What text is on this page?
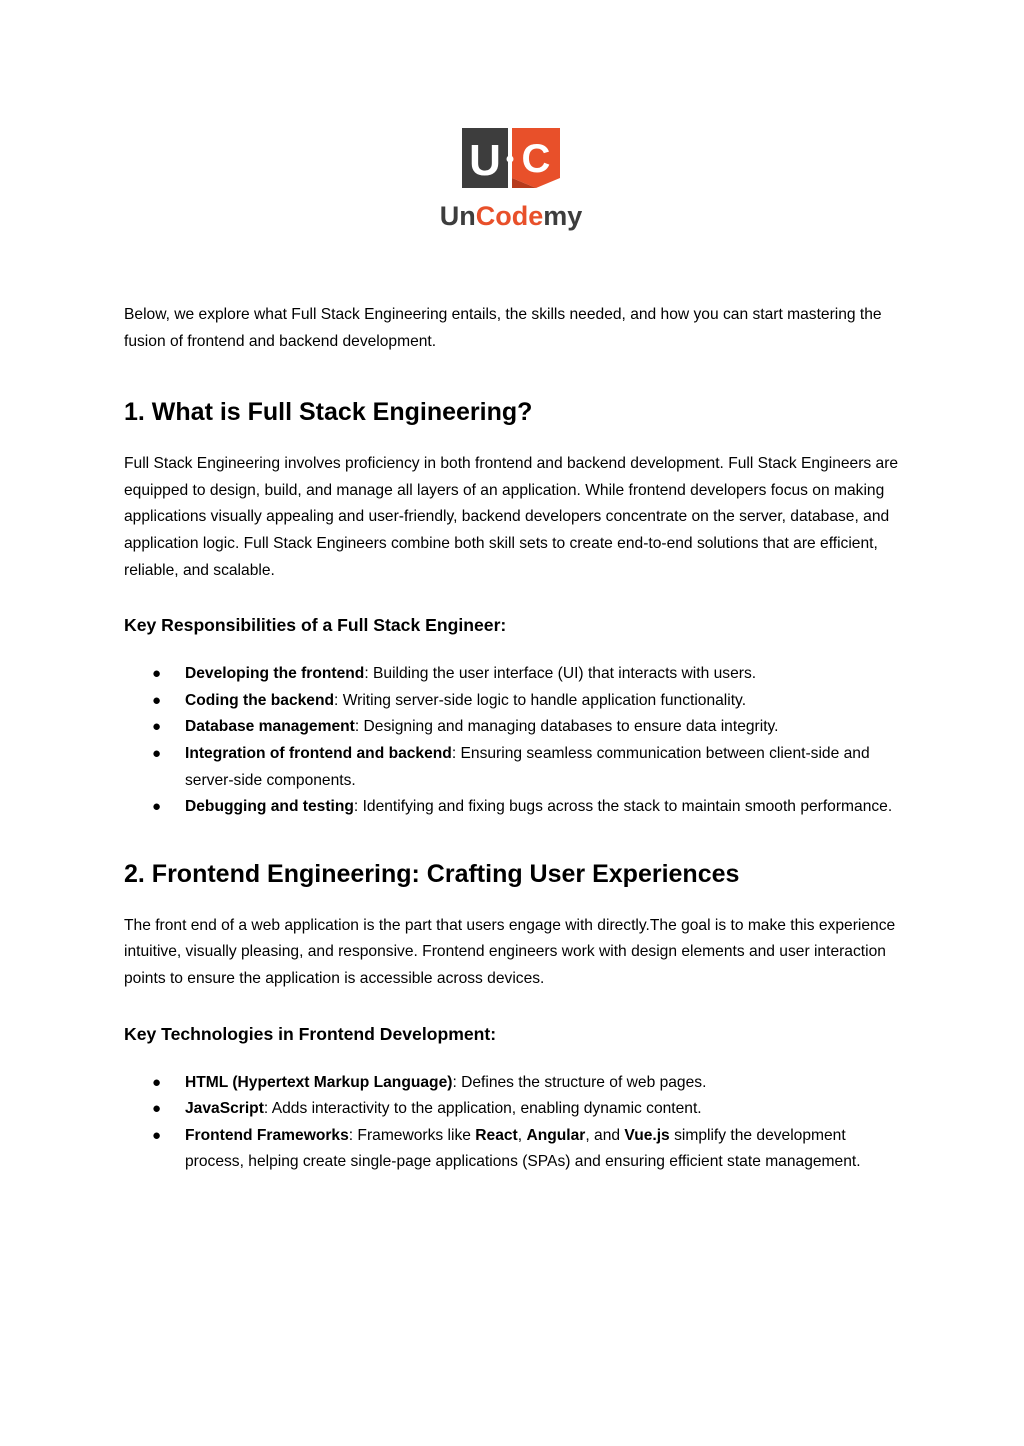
U C
UnCodemy

Below, we explore what Full Stack Engineering entails, the skills needed, and how you can start mastering the fusion of frontend and backend development.

1. What is Full Stack Engineering?

Full Stack Engineering involves proficiency in both frontend and backend development. Full Stack Engineers are equipped to design, build, and manage all layers of an application. While frontend developers focus on making applications visually appealing and user-friendly, backend developers concentrate on the server, database, and application logic. Full Stack Engineers combine both skill sets to create end-to-end solutions that are efficient, reliable, and scalable.

Key Responsibilities of a Full Stack Engineer:
● Developing the frontend: Building the user interface (UI) that interacts with users.
● Coding the backend: Writing server-side logic to handle application functionality.
● Database management: Designing and managing databases to ensure data integrity.
● Integration of frontend and backend: Ensuring seamless communication between client-side and server-side components.
● Debugging and testing: Identifying and fixing bugs across the stack to maintain smooth performance.
2. Frontend Engineering: Crafting User Experiences

The front end of a web application is the part that users engage with directly.The goal is to make this experience intuitive, visually pleasing, and responsive. Frontend engineers work with design elements and user interaction points to ensure the application is accessible across devices.

Key Technologies in Frontend Development:
● HTML (Hypertext Markup Language): Defines the structure of web pages.
● JavaScript: Adds interactivity to the application, enabling dynamic content.
● Frontend Frameworks: Frameworks like React, Angular, and Vue.js simplify the development process, helping create single-page applications (SPAs) and ensuring efficient state management.
